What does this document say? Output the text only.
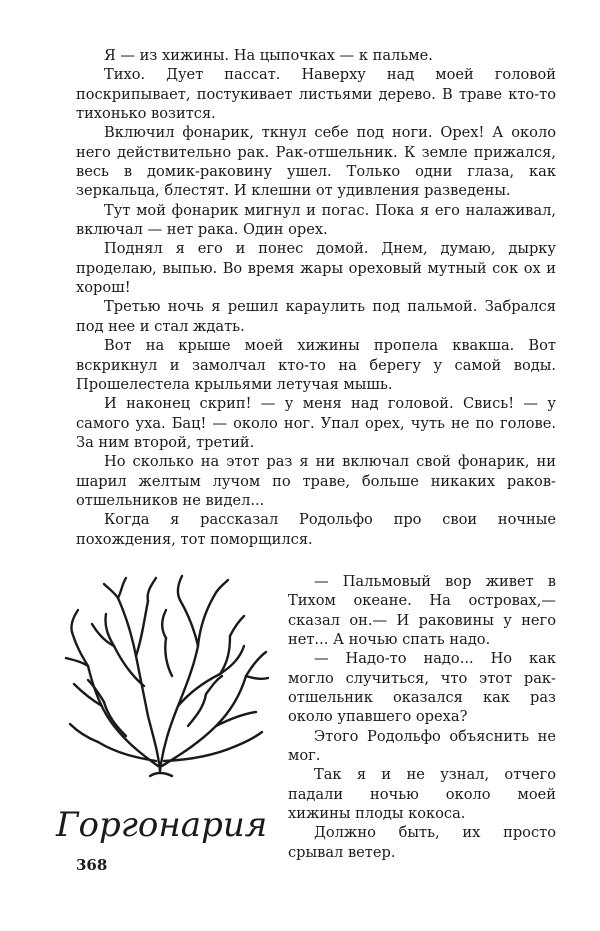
Я — из хижины. На цыпочках — к пальме.

Тихо. Дует пассат. Наверху над моей головой поскрипывает, постукивает листьями дерево. В траве кто-то тихонько возится.

Включил фонарик, ткнул себе под ноги. Орех! А около него действительно рак. Рак-отшельник. К земле прижался, весь в домик-раковину ушел. Только одни глаза, как зеркальца, блестят. И клешни от удивления разведены.

Тут мой фонарик мигнул и погас. Пока я его налаживал, включал — нет рака. Один орех.

Поднял я его и понес домой. Днем, думаю, дырку проделаю, выпью. Во время жары ореховый мутный сок ох и хорош!

Третью ночь я решил караулить под пальмой. Забрался под нее и стал ждать.

Вот на крыше моей хижины пропела квакша. Вот вскрикнул и замолчал кто-то на берегу у самой воды. Прошелестела крыльями летучая мышь.

И наконец скрип! — у меня над головой. Свись! — у самого уха. Бац! — около ног. Упал орех, чуть не по голове. За ним второй, третий.

Но сколько на этот раз я ни включал свой фонарик, ни шарил желтым лучом по траве, больше никаких раков-отшельников не видел...

Когда я рассказал Родольфо про свои ночные похождения, тот поморщился.

Горгонария

— Пальмовый вор живет в Тихом океане. На островах,— сказал он.— И раковины у него нет... А ночью спать надо.

— Надо-то надо... Но как могло случиться, что этот рак-отшельник оказался как раз около упавшего ореха?

Этого Родольфо объяснить не мог.

Так я и не узнал, отчего падали ночью около моей хижины плоды кокоса.

Должно быть, их просто срывал ветер.

368
